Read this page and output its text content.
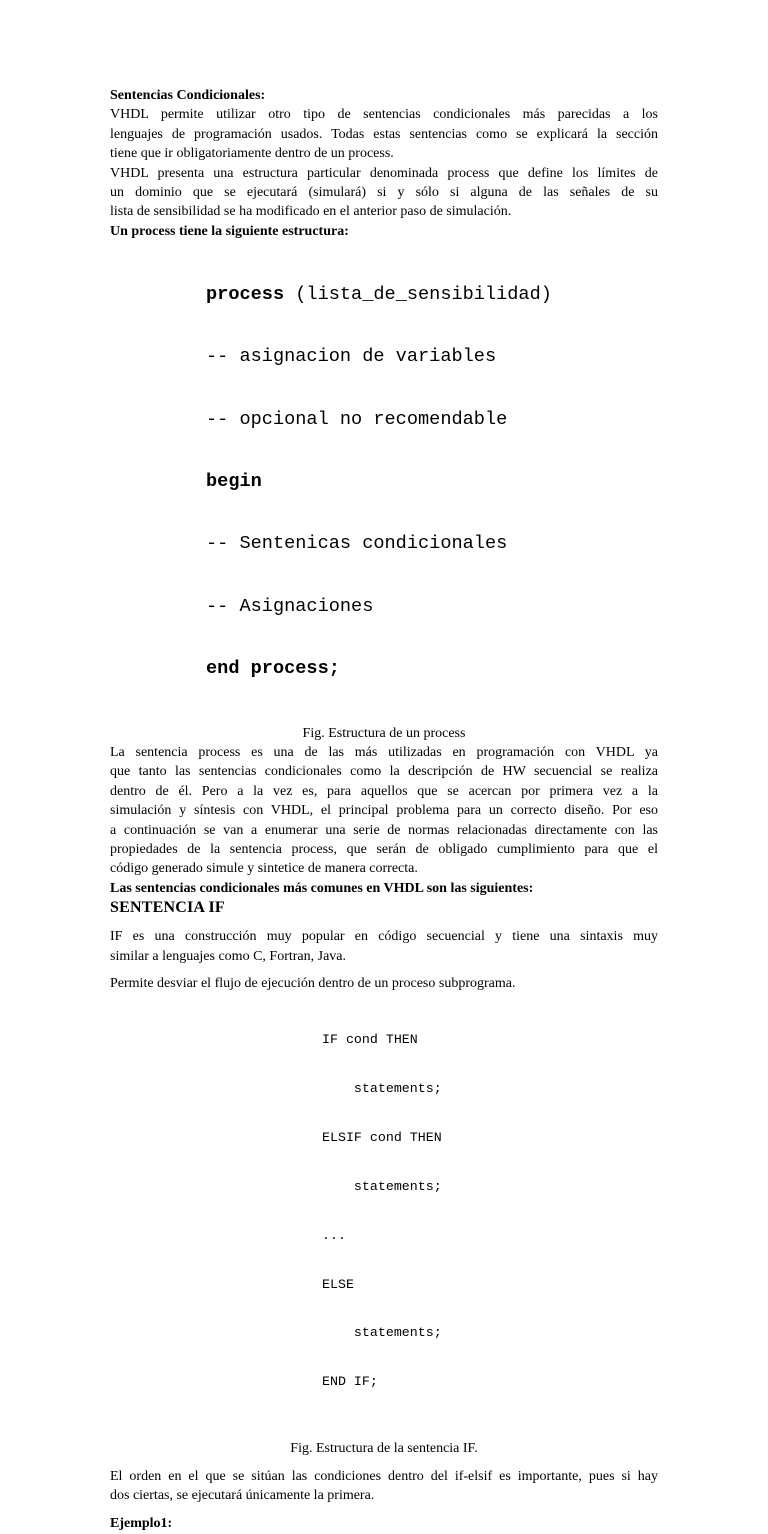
Sentencias Condicionales:

VHDL permite utilizar otro tipo de sentencias condicionales más parecidas a los

lenguajes de programación usados. Todas estas sentencias como se explicará la sección

tiene que ir obligatoriamente dentro de un process.

VHDL presenta una estructura particular denominada process que define los límites de

un dominio que se ejecutará (simulará) si y sólo si alguna de las señales de su

lista de sensibilidad se ha modificado en el anterior paso de simulación.

Un process tiene la siguiente estructura:

process (lista_de_sensibilidad)

-- asignacion de variables

-- opcional no recomendable

begin

-- Sentenicas condicionales

-- Asignaciones

end process;

Fig. Estructura de un process

La sentencia process es una de las más utilizadas en programación con VHDL ya

que tanto las sentencias condicionales como la descripción de HW secuencial se realiza

dentro de él. Pero a la vez es, para aquellos que se acercan por primera vez a la

simulación y síntesis con VHDL, el principal problema para un correcto diseño. Por eso

a continuación se van a enumerar una serie de normas relacionadas directamente con las

propiedades de la sentencia process, que serán de obligado cumplimiento para que el

código generado simule y sintetice de manera correcta.

Las sentencias condicionales más comunes en VHDL son las siguientes:

SENTENCIA IF

IF es una construcción muy popular en código secuencial y tiene una sintaxis muy

similar a lenguajes como C, Fortran, Java.

Permite desviar el flujo de ejecución dentro de un proceso subprograma.

IF cond THEN

statements;

ELSIF cond THEN

statements;

...

ELSE

statements;

END IF;

Fig. Estructura de la sentencia IF.

El orden en el que se sitúan las condiciones dentro del if-elsif es importante, pues si hay

dos ciertas, se ejecutará únicamente la primera.

Ejemplo1:
